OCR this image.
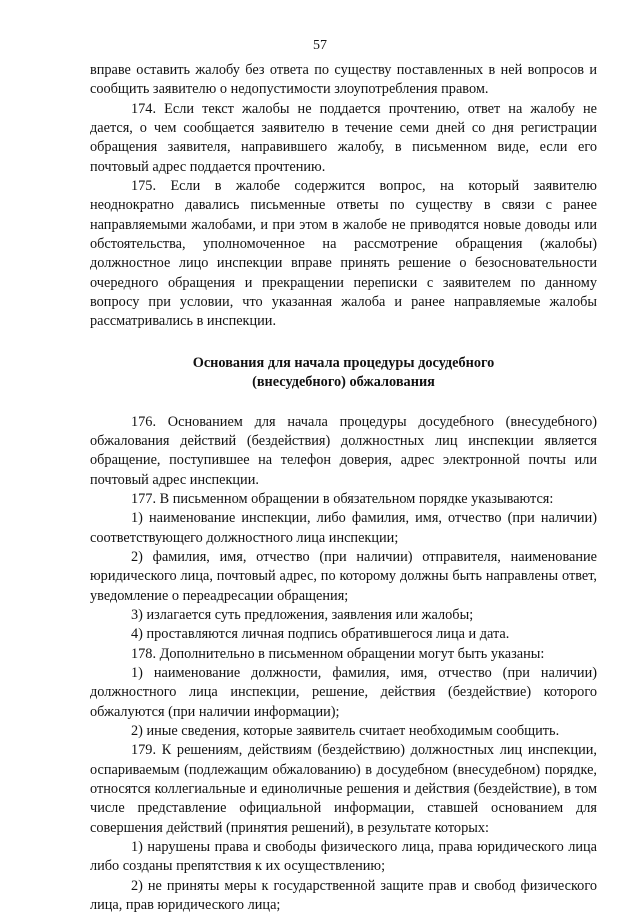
57

вправе оставить жалобу без ответа по существу поставленных в ней вопросов и сообщить заявителю о недопустимости злоупотребления правом.

174. Если текст жалобы не поддается прочтению, ответ на жалобу не дается, о чем сообщается заявителю в течение семи дней со дня регистрации обращения заявителя, направившего жалобу, в письменном виде, если его почтовый адрес поддается прочтению.

175. Если в жалобе содержится вопрос, на который заявителю неоднократно давались письменные ответы по существу в связи с ранее направляемыми жалобами, и при этом в жалобе не приводятся новые доводы или обстоятельства, уполномоченное на рассмотрение обращения (жалобы) должностное лицо инспекции вправе принять решение о безосновательности очередного обращения и прекращении переписки с заявителем по данному вопросу при условии, что указанная жалоба и ранее направляемые жалобы рассматривались в инспекции.

Основания для начала процедуры досудебного
(внесудебного) обжалования

176. Основанием для начала процедуры досудебного (внесудебного) обжалования действий (бездействия) должностных лиц инспекции является обращение, поступившее на телефон доверия, адрес электронной почты или почтовый адрес инспекции.

177. В письменном обращении в обязательном порядке указываются:

1) наименование инспекции, либо фамилия, имя, отчество (при наличии) соответствующего должностного лица инспекции;

2) фамилия, имя, отчество (при наличии) отправителя, наименование юридического лица, почтовый адрес, по которому должны быть направлены ответ, уведомление о переадресации обращения;

3) излагается суть предложения, заявления или жалобы;

4) проставляются личная подпись обратившегося лица и дата.

178. Дополнительно в письменном обращении могут быть указаны:

1) наименование должности, фамилия, имя, отчество (при наличии) должностного лица инспекции, решение, действия (бездействие) которого обжалуются (при наличии информации);

2) иные сведения, которые заявитель считает необходимым сообщить.

179. К решениям, действиям (бездействию) должностных лиц инспекции, оспариваемым (подлежащим обжалованию) в досудебном (внесудебном) порядке, относятся коллегиальные и единоличные решения и действия (бездействие), в том числе представление официальной информации, ставшей основанием для совершения действий (принятия решений), в результате которых:

1) нарушены права и свободы физического лица, права юридического лица либо созданы препятствия к их осуществлению;

2) не приняты меры к государственной защите прав и свобод физического лица, прав юридического лица;
